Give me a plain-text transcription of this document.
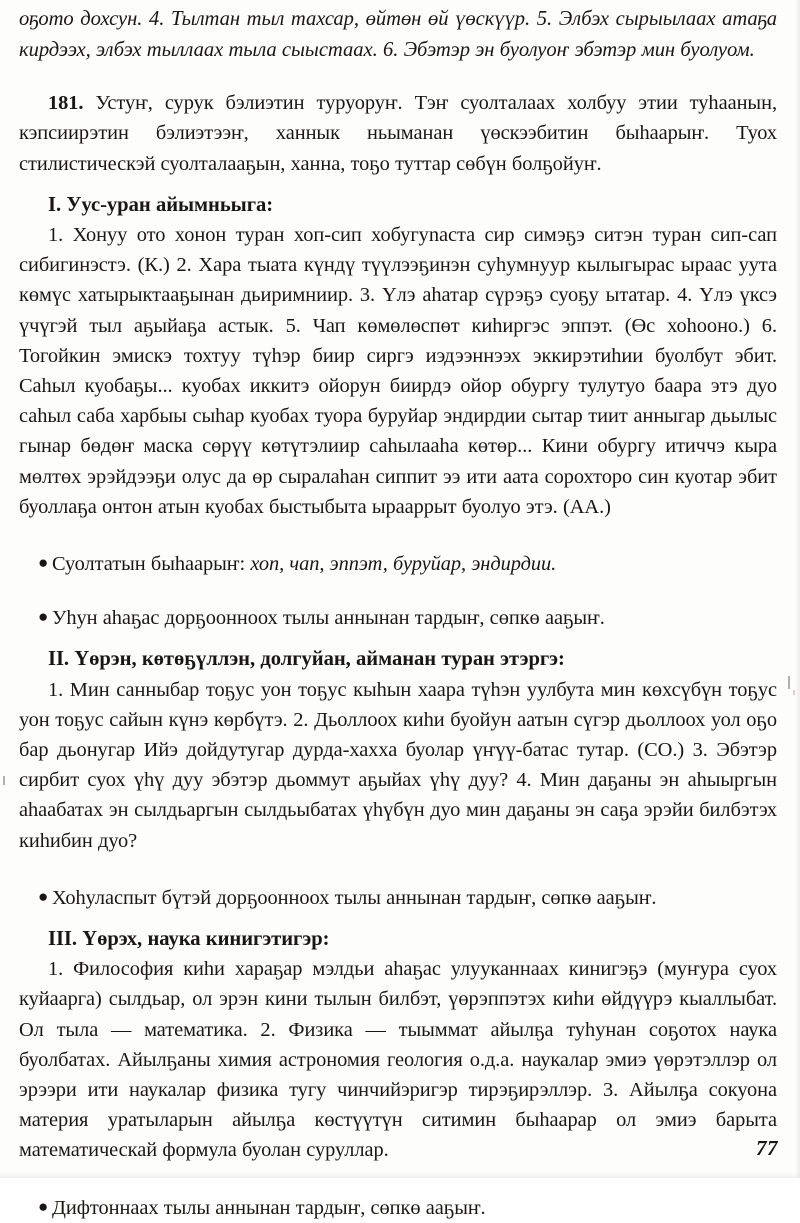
оҕото дохсун. 4. Тылтан тыл тахсар, өйтөн өй үөскүүр. 5. Элбэх сырыылаах атаҕа кирдээх, элбэх тыллаах тыла сыыстаах. 6. Эбэтэр эн буолуоҥ эбэтэр мин буолуом.

181. Устуҥ, сурук бэлиэтин туруоруҥ. Тэҥ суолталаах холбуу этии туһаанын, кэпсиирэтин бэлиэтээҥ, ханнык ньыманан үөскээбитин быһаарыҥ. Туох стилистическэй суолталааҕын, ханна, тоҕо туттар сөбүн болҕойуҥ.

I. Уус-уран айымньыга:

1. Хонуу ото хонон туран хоп-сип хобугуnаста сир симэҕэ ситэн туран сип-сап сибигинэстэ. (К.) 2. Хара тыата күндү түүлээҕинэн суһумнуур кылыгырас ыраас уута көмүс хатырыктааҕынан дьиримниир. 3. Үлэ аһатар сүрэҕэ суоҕу ытатар. 4. Үлэ үксэ үчүгэй тыл аҕыйаҕа астык. 5. Чап көмөлөспөт киһиргэс эппэт. (Өс хоһооно.) 6. Тогойкин эмискэ тохтуу түһэр биир сиргэ иэдээннээх эккирэтиһии буолбут эбит. Саһыл куобаҕы... куобах иккитэ ойорун биирдэ ойор обургу тулутуо баара этэ дуо саһыл саба харбыы сыһар куобах туора буруйар эндирдии сытар тиит анныгар дьылыс гынар бөдөҥ маска сөрүү көтүтэлиир саһылааһа көтөр... Кини обургу итиччэ кыра мөлтөх эрэйдээҕи олус да өр сыралаһан сиппит ээ ити аата сорохторо син куотар эбит буоллаҕа онтон атын куобах быстыбыта ыраappыт буолуо этэ. (АА.)

● Суолтатын быһаарыҥ: хоп, чап, эппэт, буруйар, эндирдии.

● Уһун аһаҕас дорҕоонноох тылы аннынан тардыҥ, сөпкө ааҕыҥ.

II. Үөрэн, көтөҕүллэн, долгуйан, айманан туран этэргэ:

1. Мин санныбар тоҕус уон тоҕус кыһын хаара түһэн уулбута мин көхсүбүн тоҕус уон тоҕус сайын күнэ көрбүтэ. 2. Дьоллоох киһи буойун аатын сүгэр дьоллоох уол оҕо бар дьонугар Ийэ дойдутугар дурда-хахха буолар үҥүү-батас тутар. (СО.) 3. Эбэтэр сирбит суох үһү дуу эбэтэр дьоммут аҕыйах үһү дуу? 4. Мин даҕаны эн аһыыргын аһаабатах эн сылдьаргын сылдьыбатах үһүбүн дуо мин даҕаны эн саҕа эрэйи билбэтэх киһибин дуо?

● Хоһуласпыт бүтэй дорҕоонноох тылы аннынан тардыҥ, сөпкө ааҕыҥ.

III. Үөрэх, наука кинигэтигэр:

1. Философия киһи хараҕар мэлдьи аһаҕас улууканнаах кинигэҕэ (муҥура суох куйаарга) сылдьар, ол эрэн кини тылын билбэт, үөрэппэтэх киһи өйдүүрэ кыаллыбат. Ол тыла — математика. 2. Физика — тыыммат айылҕа туһунан соҕотох наука буолбатах. Айылҕаны химия астрономия геология о.д.а. наукалар эмиэ үөрэтэллэр ол эрээри ити наукалар физика тугу чинчийэригэр тирэҕирэллэр. 3. Айылҕа сокуона материя уратыларын айылҕа көстүүтүн ситимин быһаарар ол эмиэ барыта математическай формула буолан суруллар.

● Дифтоннаах тылы аннынан тардыҥ, сөпкө ааҕыҥ.

77
